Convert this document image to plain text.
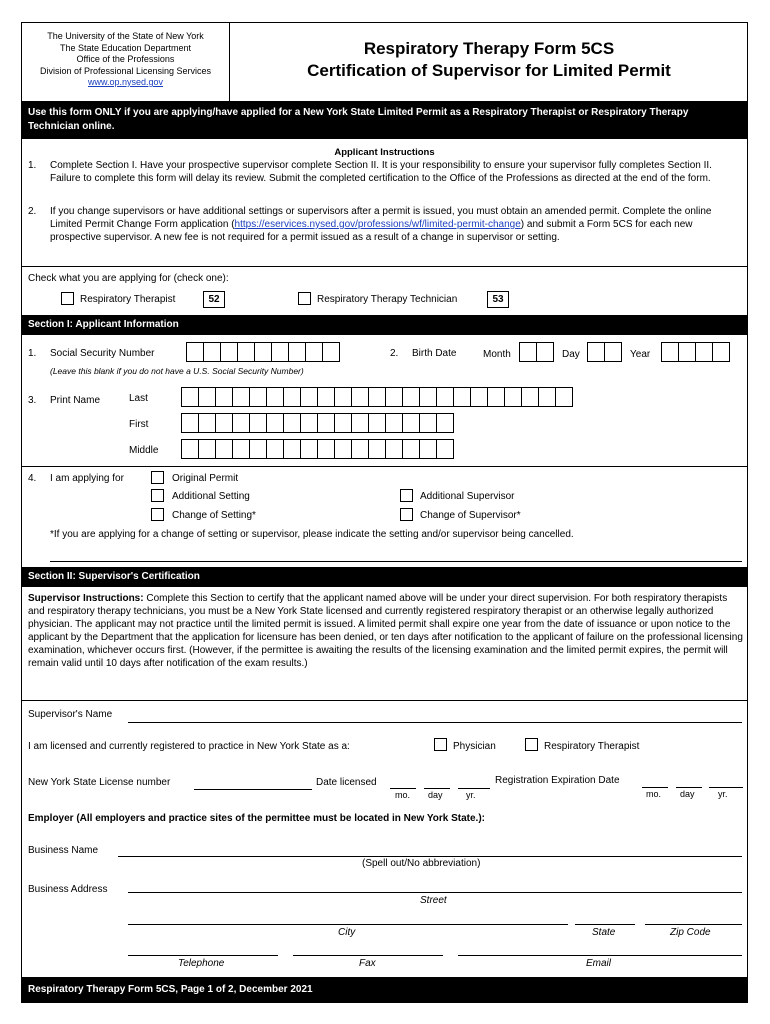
The University of the State of New York
The State Education Department
Office of the Professions
Division of Professional Licensing Services
www.op.nysed.gov
Respiratory Therapy Form 5CS
Certification of Supervisor for Limited Permit
Use this form ONLY if you are applying/have applied for a New York State Limited Permit as a Respiratory Therapist or Respiratory Therapy Technician online.
Applicant Instructions
1. Complete Section I. Have your prospective supervisor complete Section II. It is your responsibility to ensure your supervisor fully completes Section II. Failure to complete this form will delay its review. Submit the completed certification to the Office of the Professions as directed at the end of the form.
2. If you change supervisors or have additional settings or supervisors after a permit is issued, you must obtain an amended permit. Complete the online Limited Permit Change Form application (https://eservices.nysed.gov/professions/wf/limited-permit-change) and submit a Form 5CS for each new prospective supervisor. A new fee is not required for a permit issued as a result of a change in supervisor or setting.
Check what you are applying for (check one):
Respiratory Therapist	52	Respiratory Therapy Technician	53
Section I: Applicant Information
1. Social Security Number
(Leave this blank if you do not have a U.S. Social Security Number)
2. Birth Date	Month	Day	Year
3. Print Name	Last
First
Middle
4. I am applying for	Original Permit
Additional Setting
Change of Setting*
Additional Supervisor
Change of Supervisor*
*If you are applying for a change of setting or supervisor, please indicate the setting and/or supervisor being cancelled.
Section II: Supervisor's Certification
Supervisor Instructions: Complete this Section to certify that the applicant named above will be under your direct supervision. For both respiratory therapists and respiratory therapy technicians, you must be a New York State licensed and currently registered respiratory therapist or an otherwise legally authorized physician. The applicant may not practice until the limited permit is issued. A limited permit shall expire one year from the date of issuance or upon notice to the applicant by the Department that the application for licensure has been denied, or ten days after notification to the applicant of failure on the professional licensing examination, whichever occurs first. (However, if the permittee is awaiting the results of the licensing examination and the limited permit expires, the permit will remain valid until 10 days after notification of the exam results.)
Supervisor's Name
I am licensed and currently registered to practice in New York State as a:	Physician	Respiratory Therapist
New York State License number	Date licensed
mo. day	yr.
Registration Expiration Date
mo. day	yr.
Employer (All employers and practice sites of the permittee must be located in New York State.):
Business Name
(Spell out/No abbreviation)
Business Address
Street
City	State	Zip Code
Telephone	Fax	Email
Respiratory Therapy Form 5CS, Page 1 of 2, December 2021
